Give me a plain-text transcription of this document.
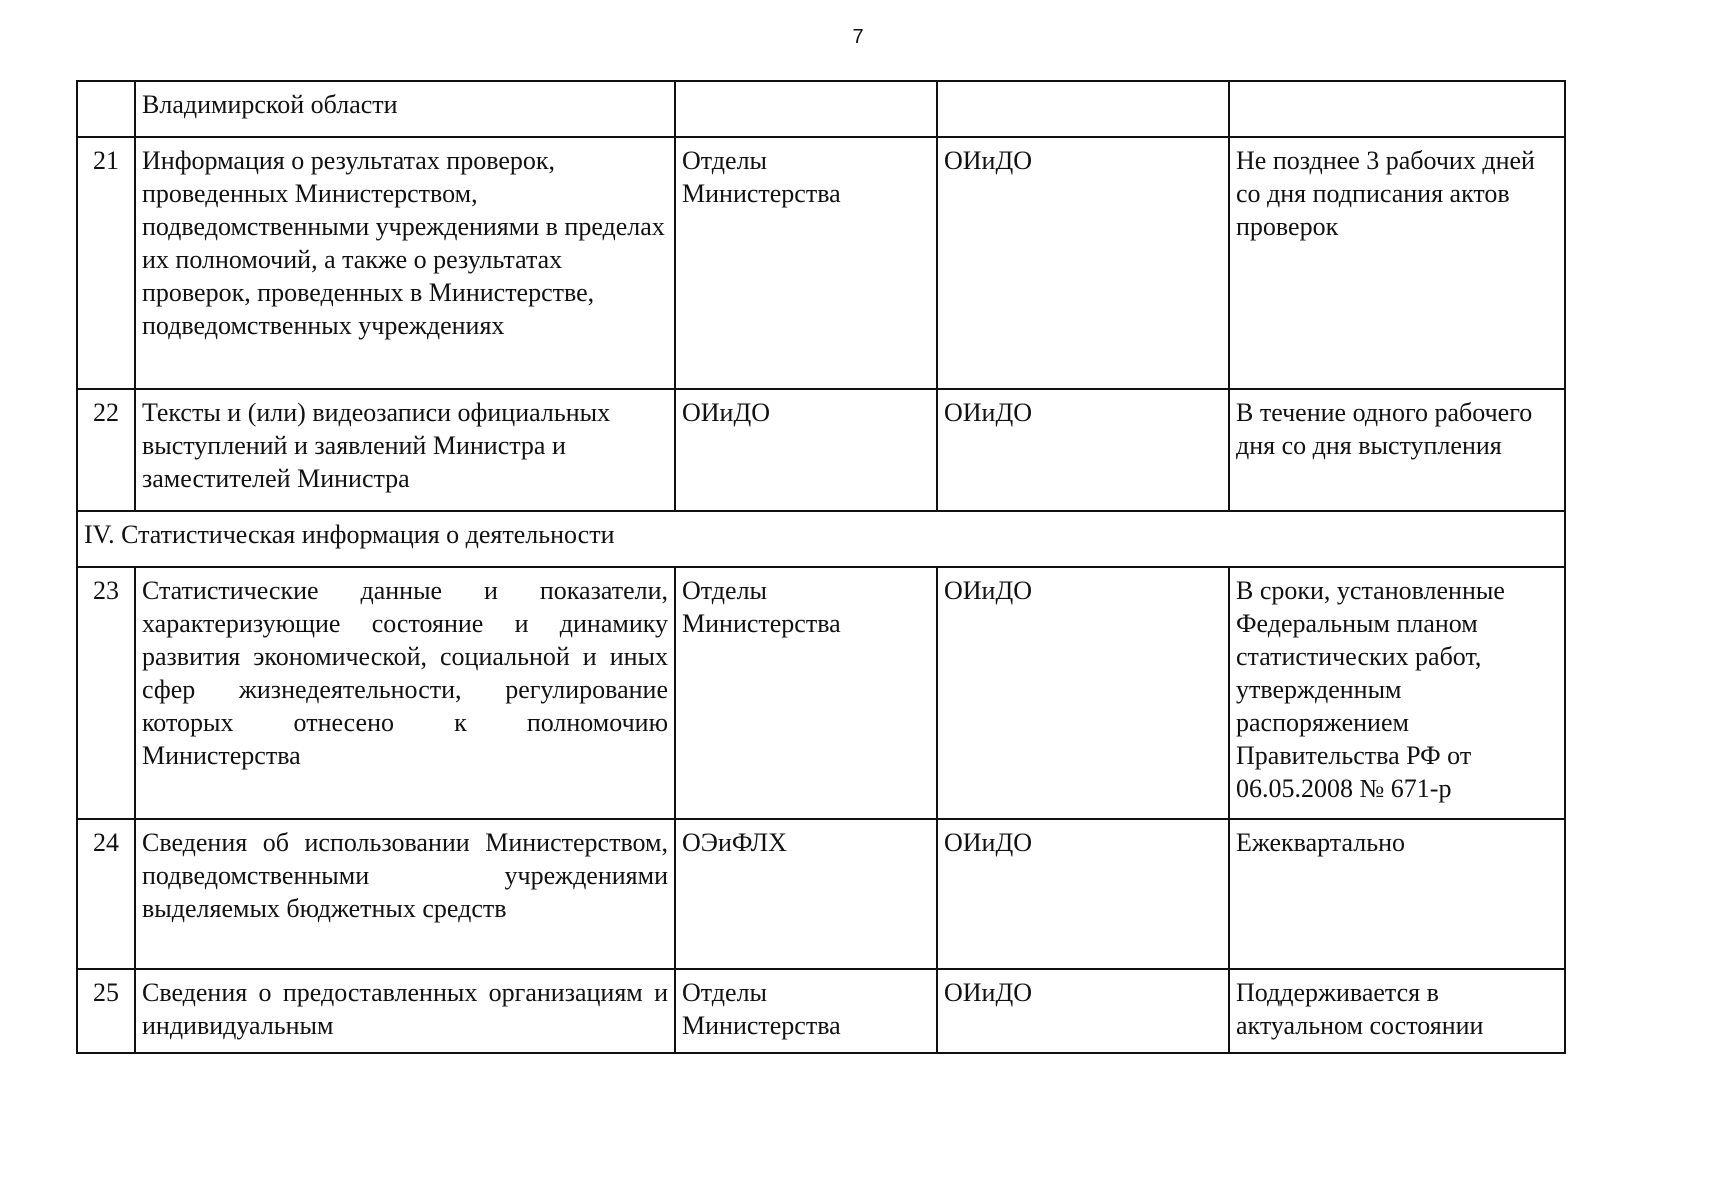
7
	Владимирской области			
21	Информация о результатах проверок, проведенных Министерством, подведомственными учреждениями в пределах их полномочий, а также о результатах проверок, проведенных в Министерстве, подведомственных учреждениях	Отделы Министерства	ОИиДО	Не позднее 3 рабочих дней со дня подписания актов проверок
22	Тексты и (или) видеозаписи официальных выступлений и заявлений Министра и заместителей Министра	ОИиДО	ОИиДО	В течение одного рабочего дня со дня выступления
IV. Статистическая информация о деятельности				
23	Статистические данные и показатели, характеризующие состояние и динамику развития экономической, социальной и иных сфер жизнедеятельности, регулирование которых отнесено к полномочию Министерства	Отделы Министерства	ОИиДО	В сроки, установленные Федеральным планом статистических работ, утвержденным распоряжением Правительства РФ от 06.05.2008 № 671-р
24	Сведения об использовании Министерством, подведомственными учреждениями выделяемых бюджетных средств	ОЭиФЛХ	ОИиДО	Ежеквартально
25	Сведения о предоставленных организациям и индивидуальным	Отделы Министерства	ОИиДО	Поддерживается в актуальном состоянии
